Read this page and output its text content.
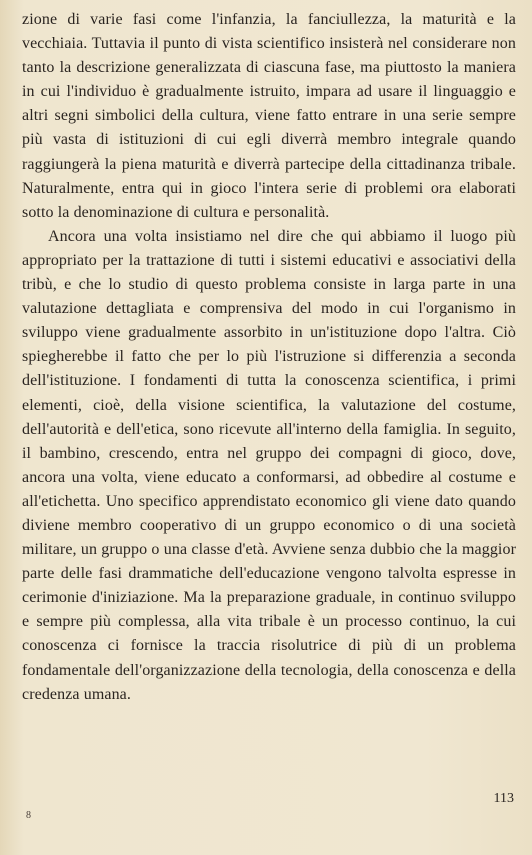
zione di varie fasi come l'infanzia, la fanciullezza, la maturità e la vecchiaia. Tuttavia il punto di vista scientifico insisterà nel considerare non tanto la descrizione generalizzata di ciascuna fase, ma piuttosto la maniera in cui l'individuo è gradualmente istruito, impara ad usare il linguaggio e altri segni simbolici della cultura, viene fatto entrare in una serie sempre più vasta di istituzioni di cui egli diverrà membro integrale quando raggiungerà la piena maturità e diverrà partecipe della cittadinanza tribale. Naturalmente, entra qui in gioco l'intera serie di problemi ora elaborati sotto la denominazione di cultura e personalità.

Ancora una volta insistiamo nel dire che qui abbiamo il luogo più appropriato per la trattazione di tutti i sistemi educativi e associativi della tribù, e che lo studio di questo problema consiste in larga parte in una valutazione dettagliata e comprensiva del modo in cui l'organismo in sviluppo viene gradualmente assorbito in un'istituzione dopo l'altra. Ciò spiegherebbe il fatto che per lo più l'istruzione si differenzia a seconda dell'istituzione. I fondamenti di tutta la conoscenza scientifica, i primi elementi, cioè, della visione scientifica, la valutazione del costume, dell'autorità e dell'etica, sono ricevute all'interno della famiglia. In seguito, il bambino, crescendo, entra nel gruppo dei compagni di gioco, dove, ancora una volta, viene educato a conformarsi, ad obbedire al costume e all'etichetta. Uno specifico apprendistato economico gli viene dato quando diviene membro cooperativo di un gruppo economico o di una società militare, un gruppo o una classe d'età. Avviene senza dubbio che la maggior parte delle fasi drammatiche dell'educazione vengono talvolta espresse in cerimonie d'iniziazione. Ma la preparazione graduale, in continuo sviluppo e sempre più complessa, alla vita tribale è un processo continuo, la cui conoscenza ci fornisce la traccia risolutrice di più di un problema fondamentale dell'organizzazione della tecnologia, della conoscenza e della credenza umana.

8
113
